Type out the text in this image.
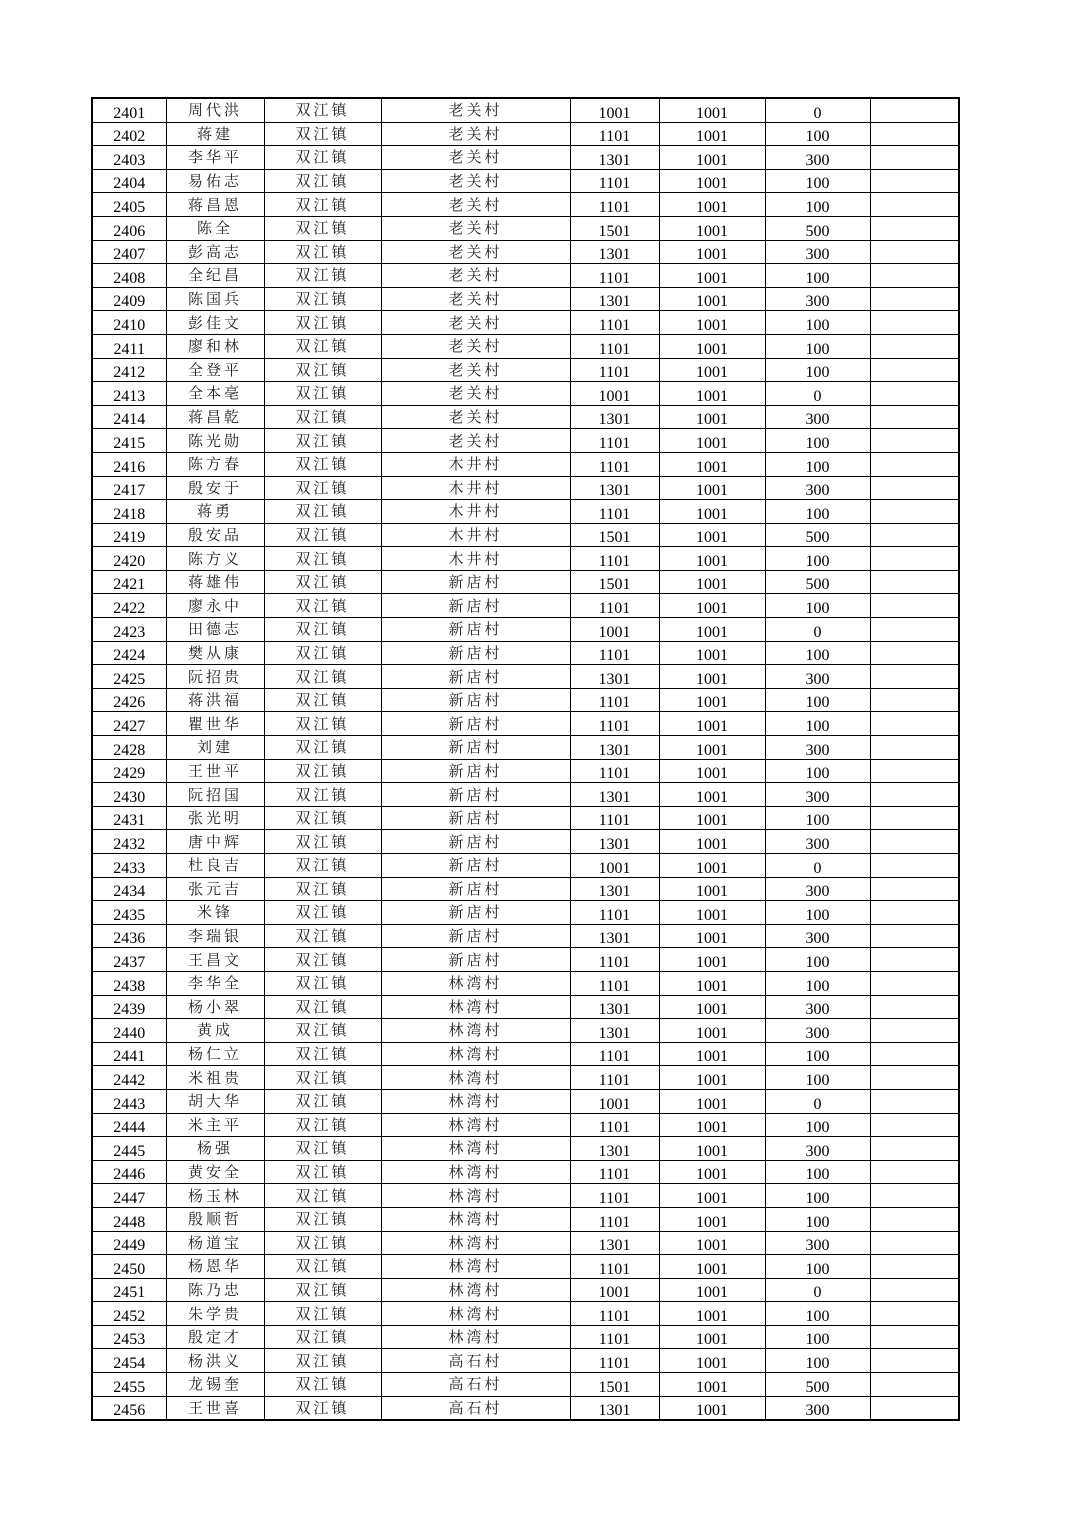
2401	周代洪	双江镇	老关村	1001	1001	0	
2402	蒋建	双江镇	老关村	1101	1001	100	
2403	李华平	双江镇	老关村	1301	1001	300	
2404	易佑志	双江镇	老关村	1101	1001	100	
2405	蒋昌恩	双江镇	老关村	1101	1001	100	
2406	陈全	双江镇	老关村	1501	1001	500	
2407	彭高志	双江镇	老关村	1301	1001	300	
2408	全纪昌	双江镇	老关村	1101	1001	100	
2409	陈国兵	双江镇	老关村	1301	1001	300	
2410	彭佳文	双江镇	老关村	1101	1001	100	
2411	廖和林	双江镇	老关村	1101	1001	100	
2412	全登平	双江镇	老关村	1101	1001	100	
2413	全本亳	双江镇	老关村	1001	1001	0	
2414	蒋昌乾	双江镇	老关村	1301	1001	300	
2415	陈光勋	双江镇	老关村	1101	1001	100	
2416	陈方春	双江镇	木井村	1101	1001	100	
2417	殷安于	双江镇	木井村	1301	1001	300	
2418	蒋勇	双江镇	木井村	1101	1001	100	
2419	殷安品	双江镇	木井村	1501	1001	500	
2420	陈方义	双江镇	木井村	1101	1001	100	
2421	蒋雄伟	双江镇	新店村	1501	1001	500	
2422	廖永中	双江镇	新店村	1101	1001	100	
2423	田德志	双江镇	新店村	1001	1001	0	
2424	樊从康	双江镇	新店村	1101	1001	100	
2425	阮招贵	双江镇	新店村	1301	1001	300	
2426	蒋洪福	双江镇	新店村	1101	1001	100	
2427	瞿世华	双江镇	新店村	1101	1001	100	
2428	刘建	双江镇	新店村	1301	1001	300	
2429	王世平	双江镇	新店村	1101	1001	100	
2430	阮招国	双江镇	新店村	1301	1001	300	
2431	张光明	双江镇	新店村	1101	1001	100	
2432	唐中辉	双江镇	新店村	1301	1001	300	
2433	杜良吉	双江镇	新店村	1001	1001	0	
2434	张元吉	双江镇	新店村	1301	1001	300	
2435	米锋	双江镇	新店村	1101	1001	100	
2436	李瑞银	双江镇	新店村	1301	1001	300	
2437	王昌文	双江镇	新店村	1101	1001	100	
2438	李华全	双江镇	林湾村	1101	1001	100	
2439	杨小翠	双江镇	林湾村	1301	1001	300	
2440	黄成	双江镇	林湾村	1301	1001	300	
2441	杨仁立	双江镇	林湾村	1101	1001	100	
2442	米祖贵	双江镇	林湾村	1101	1001	100	
2443	胡大华	双江镇	林湾村	1001	1001	0	
2444	米主平	双江镇	林湾村	1101	1001	100	
2445	杨强	双江镇	林湾村	1301	1001	300	
2446	黄安全	双江镇	林湾村	1101	1001	100	
2447	杨玉林	双江镇	林湾村	1101	1001	100	
2448	殷顺哲	双江镇	林湾村	1101	1001	100	
2449	杨道宝	双江镇	林湾村	1301	1001	300	
2450	杨恩华	双江镇	林湾村	1101	1001	100	
2451	陈乃忠	双江镇	林湾村	1001	1001	0	
2452	朱学贵	双江镇	林湾村	1101	1001	100	
2453	殷定才	双江镇	林湾村	1101	1001	100	
2454	杨洪义	双江镇	高石村	1101	1001	100	
2455	龙锡奎	双江镇	高石村	1501	1001	500	
2456	王世喜	双江镇	高石村	1301	1001	300	
